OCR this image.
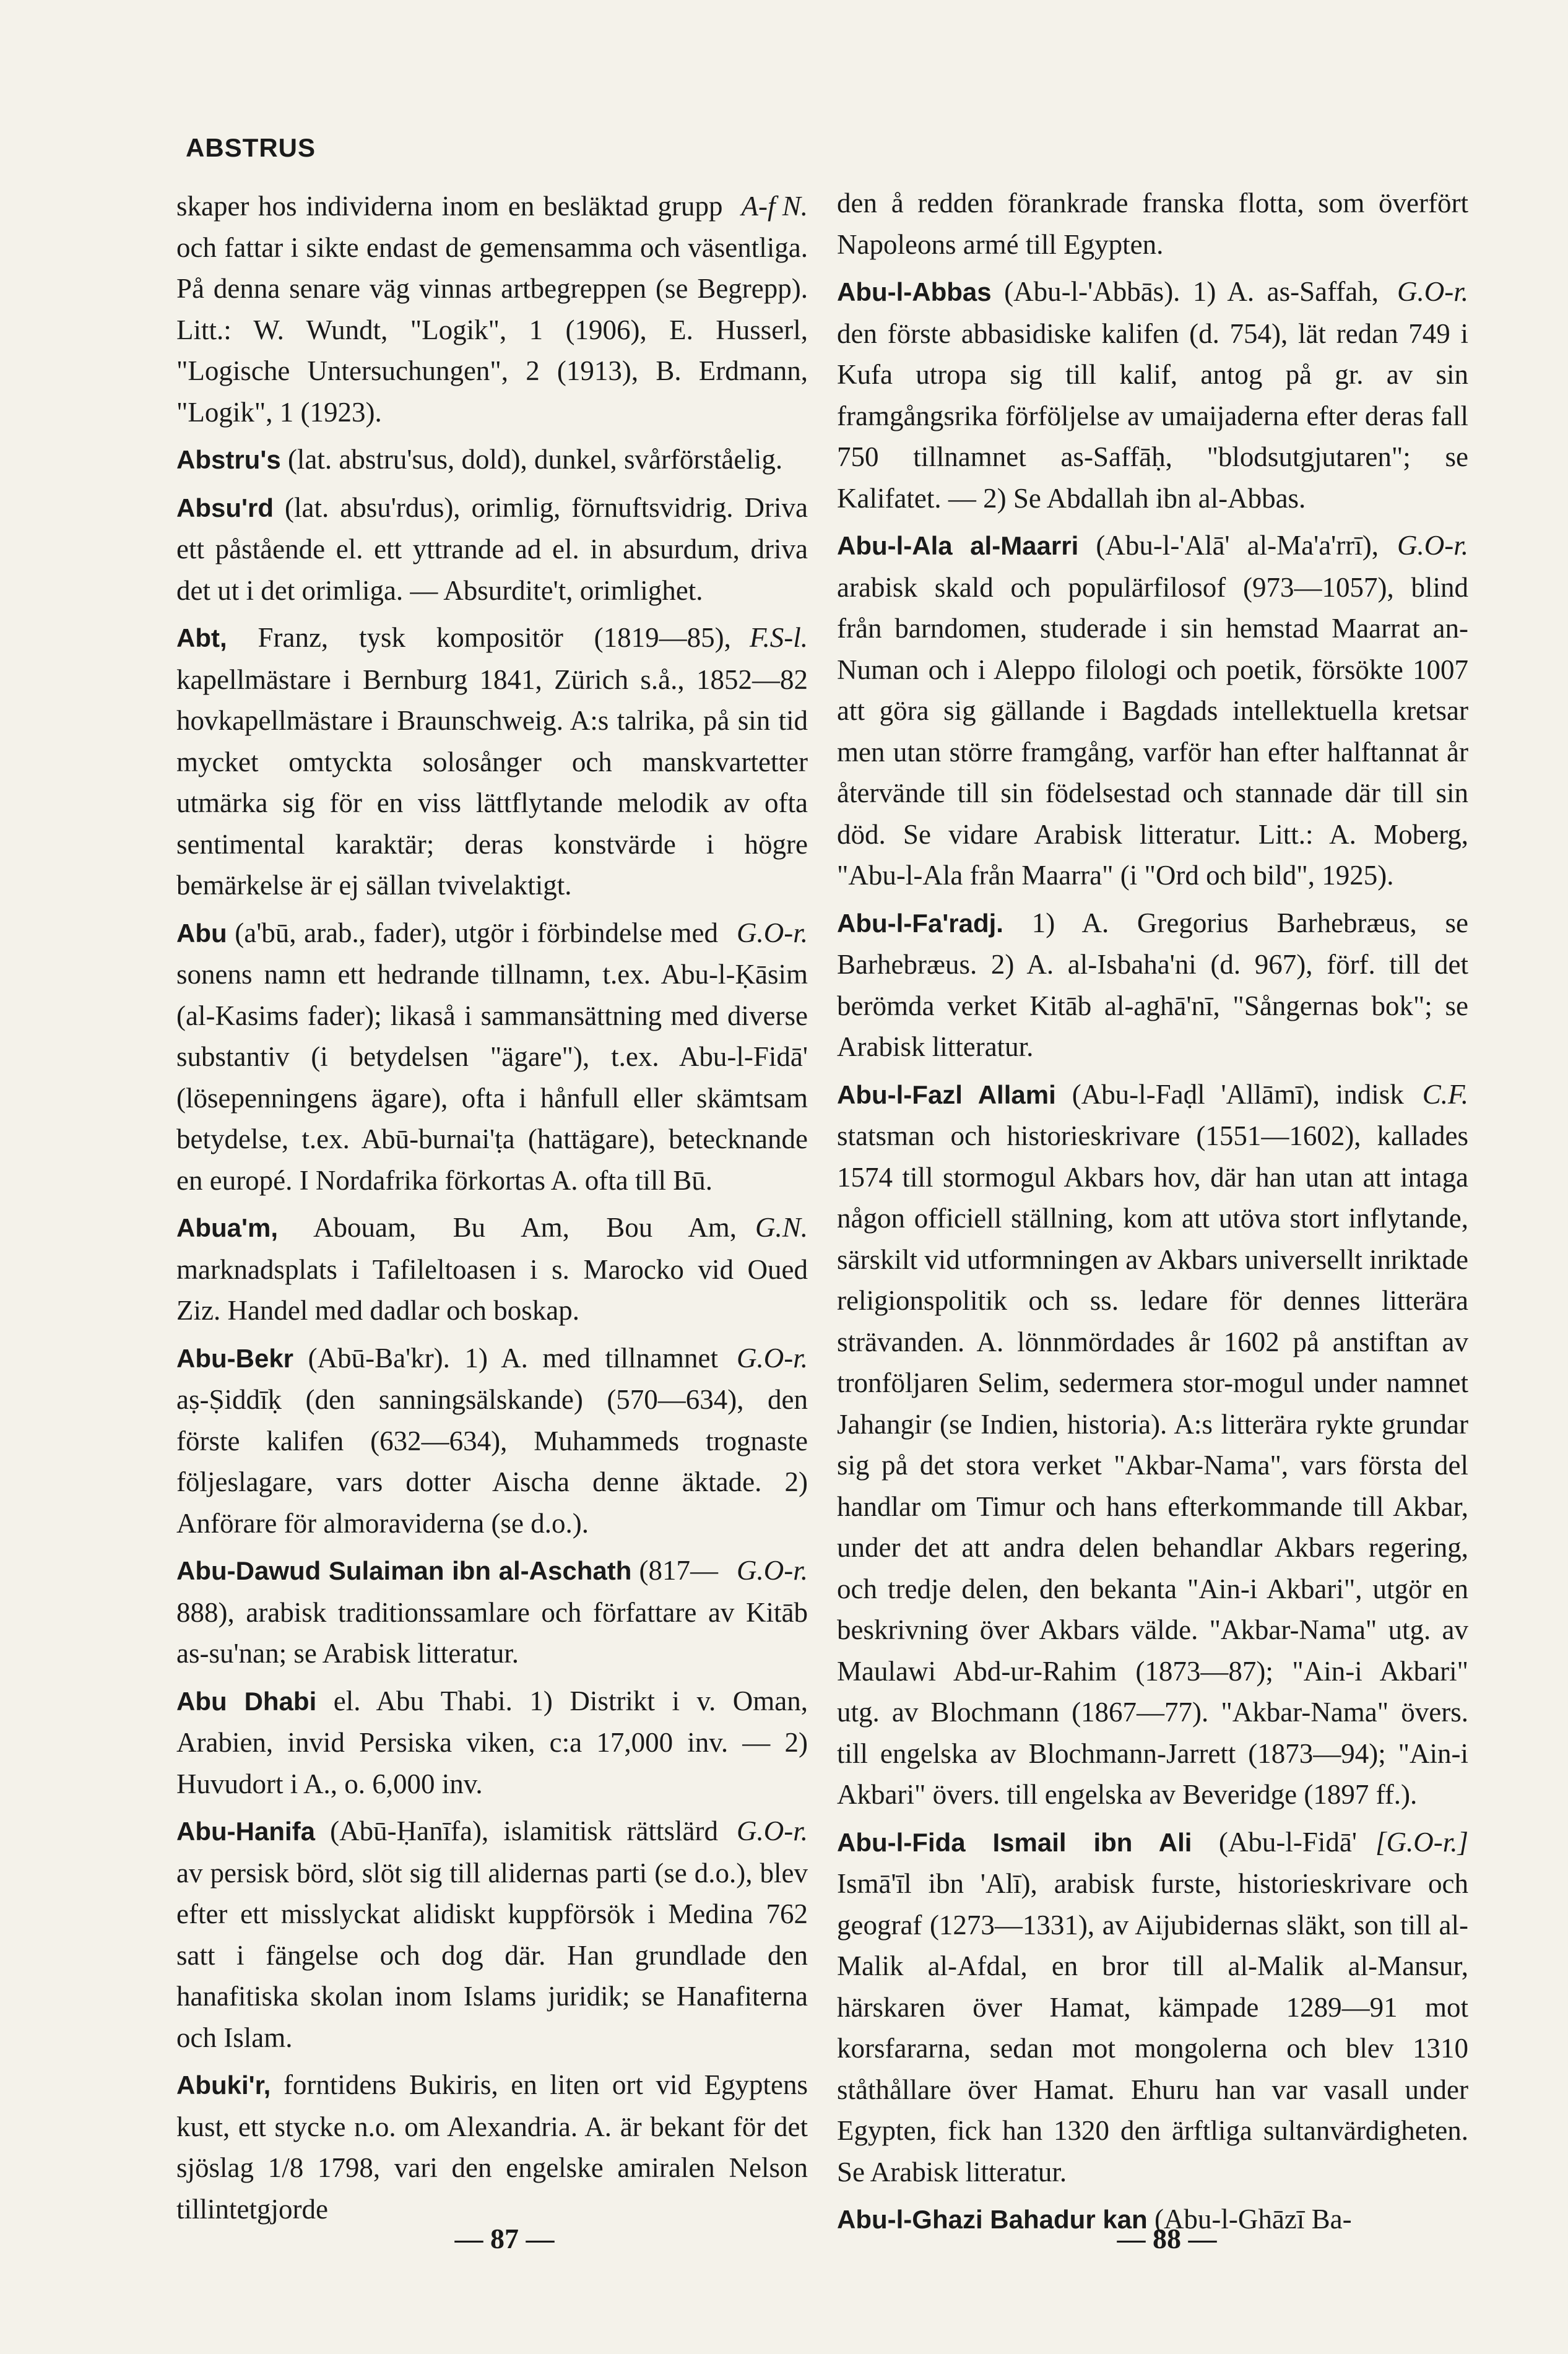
ABSTRUS

A-f N.
skaper hos individerna inom en besläktad grupp och fattar i sikte endast de gemensamma och väsentliga. På denna senare väg vinnas artbegreppen (se Begrepp). Litt.: W. Wundt, "Logik", 1 (1906), E. Husserl, "Logische Untersuchungen", 2 (1913), B. Erdmann, "Logik", 1 (1923).

Abstru's (lat. abstru'sus, dold), dunkel, svårförståelig.

Absu'rd (lat. absu'rdus), orimlig, förnuftsvidrig. Driva ett påstående el. ett yttrande ad el. in absurdum, driva det ut i det orimliga. — Absurdite't, orimlighet.

F.S-l.
Abt, Franz, tysk kompositör (1819—85), kapellmästare i Bernburg 1841, Zürich s.å., 1852—82 hovkapellmästare i Braunschweig. A:s talrika, på sin tid mycket omtyckta solosånger och manskvartetter utmärka sig för en viss lättflytande melodik av ofta sentimental karaktär; deras konstvärde i högre bemärkelse är ej sällan tvivelaktigt.

G.O-r.
Abu (a'bū, arab., fader), utgör i förbindelse med sonens namn ett hedrande tillnamn, t.ex. Abu-l-Ḳāsim (al-Kasims fader); likaså i sammansättning med diverse substantiv (i betydelsen "ägare"), t.ex. Abu-l-Fidā' (lösepenningens ägare), ofta i hånfull eller skämtsam betydelse, t.ex. Abū-burnai'ṭa (hattägare), betecknande en europé. I Nordafrika förkortas A. ofta till Bū.

G.N.
Abua'm, Abouam, Bu Am, Bou Am, marknadsplats i Tafileltoasen i s. Marocko vid Oued Ziz. Handel med dadlar och boskap.

G.O-r.
Abu-Bekr (Abū-Ba'kr). 1) A. med tillnamnet aṣ-Ṣiddīḳ (den sanningsälskande) (570—634), den förste kalifen (632—634), Muhammeds trognaste följeslagare, vars dotter Aischa denne äktade. 2) Anförare för almoraviderna (se d.o.).

G.O-r.
Abu-Dawud Sulaiman ibn al-Aschath (817—888), arabisk traditionssamlare och författare av Kitāb as-su'nan; se Arabisk litteratur.

Abu Dhabi el. Abu Thabi. 1) Distrikt i v. Oman, Arabien, invid Persiska viken, c:a 17,000 inv. — 2) Huvudort i A., o. 6,000 inv.

G.O-r.
Abu-Hanifa (Abū-Ḥanīfa), islamitisk rättslärd av persisk börd, slöt sig till alidernas parti (se d.o.), blev efter ett misslyckat alidiskt kuppförsök i Medina 762 satt i fängelse och dog där. Han grundlade den hanafitiska skolan inom Islams juridik; se Hanafiterna och Islam.

Abuki'r, forntidens Bukiris, en liten ort vid Egyptens kust, ett stycke n.o. om Alexandria. A. är bekant för det sjöslag 1/8 1798, vari den engelske amiralen Nelson tillintetgjorde

den å redden förankrade franska flotta, som överfört Napoleons armé till Egypten.

G.O-r.
Abu-l-Abbas (Abu-l-'Abbās). 1) A. as-Saffah, den förste abbasidiske kalifen (d. 754), lät redan 749 i Kufa utropa sig till kalif, antog på gr. av sin framgångsrika förföljelse av umaijaderna efter deras fall 750 tillnamnet as-Saffāḥ, "blodsutgjutaren"; se Kalifatet. — 2) Se Abdallah ibn al-Abbas.

G.O-r.
Abu-l-Ala al-Maarri (Abu-l-'Alā' al-Ma'a'rrī), arabisk skald och populärfilosof (973—1057), blind från barndomen, studerade i sin hemstad Maarrat an-Numan och i Aleppo filologi och poetik, försökte 1007 att göra sig gällande i Bagdads intellektuella kretsar men utan större framgång, varför han efter halftannat år återvände till sin födelsestad och stannade där till sin död. Se vidare Arabisk litteratur. Litt.: A. Moberg, "Abu-l-Ala från Maarra" (i "Ord och bild", 1925).

Abu-l-Fa'radj. 1) A. Gregorius Barhebræus, se Barhebræus. 2) A. al-Isbaha'ni (d. 967), förf. till det berömda verket Kitāb al-aghā'nī, "Sångernas bok"; se Arabisk litteratur.

C.F.
Abu-l-Fazl Allami (Abu-l-Faḍl 'Allāmī), indisk statsman och historieskrivare (1551—1602), kallades 1574 till stormogul Akbars hov, där han utan att intaga någon officiell ställning, kom att utöva stort inflytande, särskilt vid utformningen av Akbars universellt inriktade religionspolitik och ss. ledare för dennes litterära strävanden. A. lönnmördades år 1602 på anstiftan av tronföljaren Selim, sedermera stor-mogul under namnet Jahangir (se Indien, historia). A:s litterära rykte grundar sig på det stora verket "Akbar-Nama", vars första del handlar om Timur och hans efterkommande till Akbar, under det att andra delen behandlar Akbars regering, och tredje delen, den bekanta "Ain-i Akbari", utgör en beskrivning över Akbars välde. "Akbar-Nama" utg. av Maulawi Abd-ur-Rahim (1873—87); "Ain-i Akbari" utg. av Blochmann (1867—77). "Akbar-Nama" övers. till engelska av Blochmann-Jarrett (1873—94); "Ain-i Akbari" övers. till engelska av Beveridge (1897 ff.).

[G.O-r.]
Abu-l-Fida Ismail ibn Ali (Abu-l-Fidā' Ismā'īl ibn 'Alī), arabisk furste, historieskrivare och geograf (1273—1331), av Aijubidernas släkt, son till al-Malik al-Afdal, en bror till al-Malik al-Mansur, härskaren över Hamat, kämpade 1289—91 mot korsfararna, sedan mot mongolerna och blev 1310 ståthållare över Hamat. Ehuru han var vasall under Egypten, fick han 1320 den ärftliga sultanvärdigheten. Se Arabisk litteratur.

Abu-l-Ghazi Bahadur kan (Abu-l-Ghāzī Ba-

— 87 —	— 88 —
